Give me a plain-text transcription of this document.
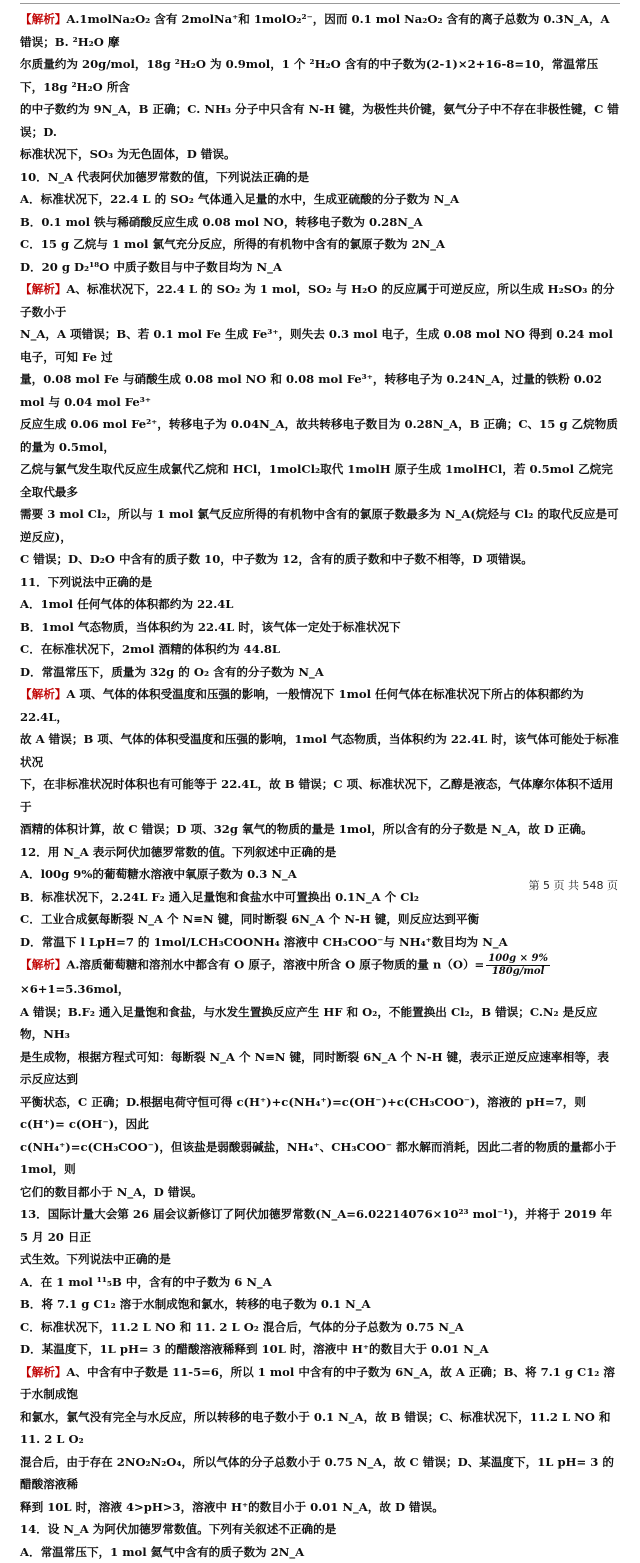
【解析】A.1molNa₂O₂ 含有 2molNa⁺和 1molO₂²⁻，因而 0.1 mol Na₂O₂ 含有的离子总数为 0.3N_A，A 错误；B. ²H₂O 摩
尔质量约为 20g/mol，18g ²H₂O 为 0.9mol，1 个 ²H₂O 含有的中子数为(2-1)×2+16-8=10，常温常压下，18g ²H₂O 所含
的中子数约为 9N_A，B 正确；C. NH₃ 分子中只含有 N-H 键，为极性共价键，氨气分子中不存在非极性键，C 错误；D.
标准状况下，SO₃ 为无色固体，D 错误。
10．N_A 代表阿伏加德罗常数的值，下列说法正确的是
A．标准状况下，22.4 L 的 SO₂ 气体通入足量的水中，生成亚硫酸的分子数为 N_A
B．0.1 mol 铁与稀硝酸反应生成 0.08 mol NO，转移电子数为 0.28N_A
C．15 g 乙烷与 1 mol 氯气充分反应，所得的有机物中含有的氯原子数为 2N_A
D．20 g D₂¹⁸O 中质子数目与中子数目均为 N_A
【解析】A、标准状况下，22.4 L 的 SO₂ 为 1 mol，SO₂ 与 H₂O 的反应属于可逆反应，所以生成 H₂SO₃ 的分子数小于
N_A，A 项错误；B、若 0.1 mol Fe 生成 Fe³⁺，则失去 0.3 mol 电子，生成 0.08 mol NO 得到 0.24 mol 电子，可知 Fe 过
量，0.08 mol Fe 与硝酸生成 0.08 mol NO 和 0.08 mol Fe³⁺，转移电子为 0.24N_A，过量的铁粉 0.02 mol 与 0.04 mol Fe³⁺
反应生成 0.06 mol Fe²⁺，转移电子为 0.04N_A，故共转移电子数目为 0.28N_A，B 正确；C、15 g 乙烷物质的量为 0.5mol，
乙烷与氯气发生取代反应生成氯代乙烷和 HCl，1molCl₂取代 1molH 原子生成 1molHCl，若 0.5mol 乙烷完全取代最多
需要 3 mol Cl₂，所以与 1 mol 氯气反应所得的有机物中含有的氯原子数最多为 N_A(烷烃与 Cl₂ 的取代反应是可逆反应)，
C 错误；D、D₂O 中含有的质子数 10，中子数为 12，含有的质子数和中子数不相等，D 项错误。
11．下列说法中正确的是
A．1mol 任何气体的体积都约为 22.4L
B．1mol 气态物质，当体积约为 22.4L 时，该气体一定处于标准状况下
C．在标准状况下，2mol 酒精的体积约为 44.8L
D．常温常压下，质量为 32g 的 O₂ 含有的分子数为 N_A
【解析】A 项、气体的体积受温度和压强的影响，一般情况下 1mol 任何气体在标准状况下所占的体积都约为 22.4L，
故 A 错误；B 项、气体的体积受温度和压强的影响，1mol 气态物质，当体积约为 22.4L 时，该气体可能处于标准状况
下，在非标准状况时体积也有可能等于 22.4L，故 B 错误；C 项、标准状况下，乙醇是液态，气体摩尔体积不适用于
酒精的体积计算，故 C 错误；D 项、32g 氧气的物质的量是 1mol，所以含有的分子数是 N_A，故 D 正确。
12．用 N_A 表示阿伏加德罗常数的值。下列叙述中正确的是
A．l00g 9%的葡萄糖水溶液中氧原子数为 0.3 N_A
B．标准状况下，2.24L F₂ 通入足量饱和食盐水中可置换出 0.1N_A 个 Cl₂
C．工业合成氨每断裂 N_A 个 N≡N 键，同时断裂 6N_A 个 N-H 键，则反应达到平衡
D．常温下 l LpH=7 的 1mol/LCH₃COONH₄ 溶液中 CH₃COO⁻与 NH₄⁺数目均为 N_A
【解析】A.溶质葡萄糖和溶剂水中都含有 O 原子，溶液中所含 O 原子物质的量 $n(O)= \frac{100g \times 9\%}{\text{180g/mol}}$
×6+1=5.36mol，
A 错误；B.F₂ 通入足量饱和食盐，与水发生置换反应产生 HF 和 O₂，不能置换出 Cl₂，B 错误；C.N₂ 是反应物，NH₃
是生成物，根据方程式可知：每断裂 N_A 个 N≡N 键，同时断裂 6N_A 个 N-H 键，表示正逆反应速率相等，表示反应达到
平衡状态，C 正确；D.根据电荷守恒可得 c(H⁺)+c(NH₄⁺)=c(OH⁻)+c(CH₃COO⁻)，溶液的 pH=7，则 c(H⁺)= c(OH⁻)，因此
c(NH₄⁺)=c(CH₃COO⁻)，但该盐是弱酸弱碱盐，NH₄⁺、CH₃COO⁻ 都水解而消耗，因此二者的物质的量都小于 1mol，则
它们的数目都小于 N_A，D 错误。
13．国际计量大会第 26 届会议新修订了阿伏加德罗常数(N_A=6.02214076×10²³ mol⁻¹)，并将于 2019 年 5 月 20 日正
式生效。下列说法中正确的是
A．在 1 mol ¹¹₅B 中，含有的中子数为 6 N_A
B．将 7.1 g C1₂ 溶于水制成饱和氯水，转移的电子数为 0.1 N_A
C．标准状况下，11.2 L NO 和 11. 2 L O₂ 混合后，气体的分子总数为 0.75 N_A
D．某温度下，1L pH= 3 的醋酸溶液稀释到 10L 时，溶液中 H⁺的数目大于 0.01 N_A
【解析】A、中含有中子数是 11-5=6，所以 1 mol 中含有的中子数为 6N_A，故 A 正确；B、将 7.1 g C1₂ 溶于水制成饱
和氯水，氯气没有完全与水反应，所以转移的电子数小于 0.1 N_A，故 B 错误；C、标准状况下，11.2 L NO 和 11. 2 L O₂
混合后，由于存在 2NO₂N₂O₄，所以气体的分子总数小于 0.75 N_A，故 C 错误；D、某温度下，1L pH= 3 的醋酸溶液稀
释到 10L 时，溶液 4>pH>3，溶液中 H⁺的数目小于 0.01 N_A，故 D 错误。
14．设 N_A 为阿伏加德罗常数值。下列有关叙述不正确的是
A．常温常压下，1 mol 氦气中含有的质子数为 2N_A
第 5 页 共 548 页
